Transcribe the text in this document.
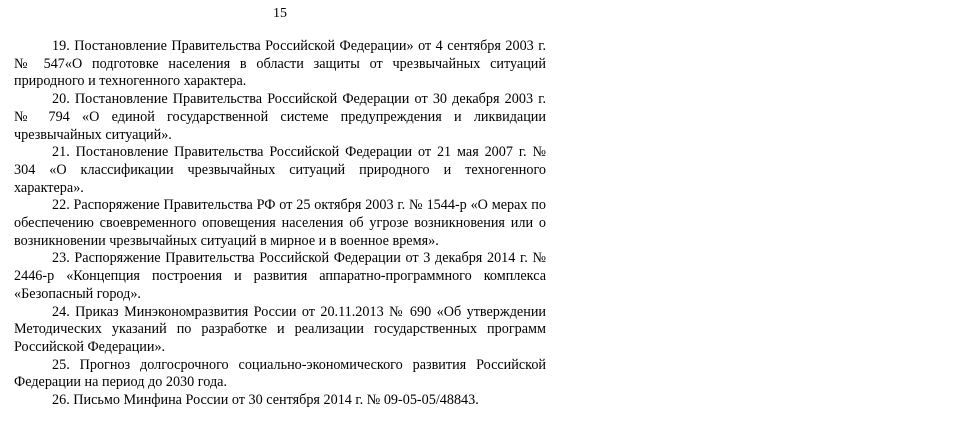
15
19. Постановление Правительства Российской Федерации» от 4 сентября 2003 г. № 547«О подготовке населения в области защиты от чрезвычайных ситуаций природного и техногенного характера.
20. Постановление Правительства Российской Федерации от 30 декабря 2003 г. № 794 «О единой государственной системе предупреждения и ликвидации чрезвычайных ситуаций».
21. Постановление Правительства Российской Федерации от 21 мая 2007 г. № 304 «О классификации чрезвычайных ситуаций природного и техногенного характера».
22. Распоряжение Правительства РФ от 25 октября 2003 г. № 1544-р «О мерах по обеспечению своевременного оповещения населения об угрозе возникновения или о возникновении чрезвычайных ситуаций в мирное и в военное время».
23. Распоряжение Правительства Российской Федерации от 3 декабря 2014 г. № 2446-р «Концепция построения и развития аппаратно-программного комплекса «Безопасный город».
24. Приказ Минэкономразвития России от 20.11.2013 № 690 «Об утверждении Методических указаний по разработке и реализации государственных программ Российской Федерации».
25. Прогноз долгосрочного социально-экономического развития Российской Федерации на период до 2030 года.
26. Письмо Минфина России от 30 сентября 2014 г. № 09-05-05/48843.
